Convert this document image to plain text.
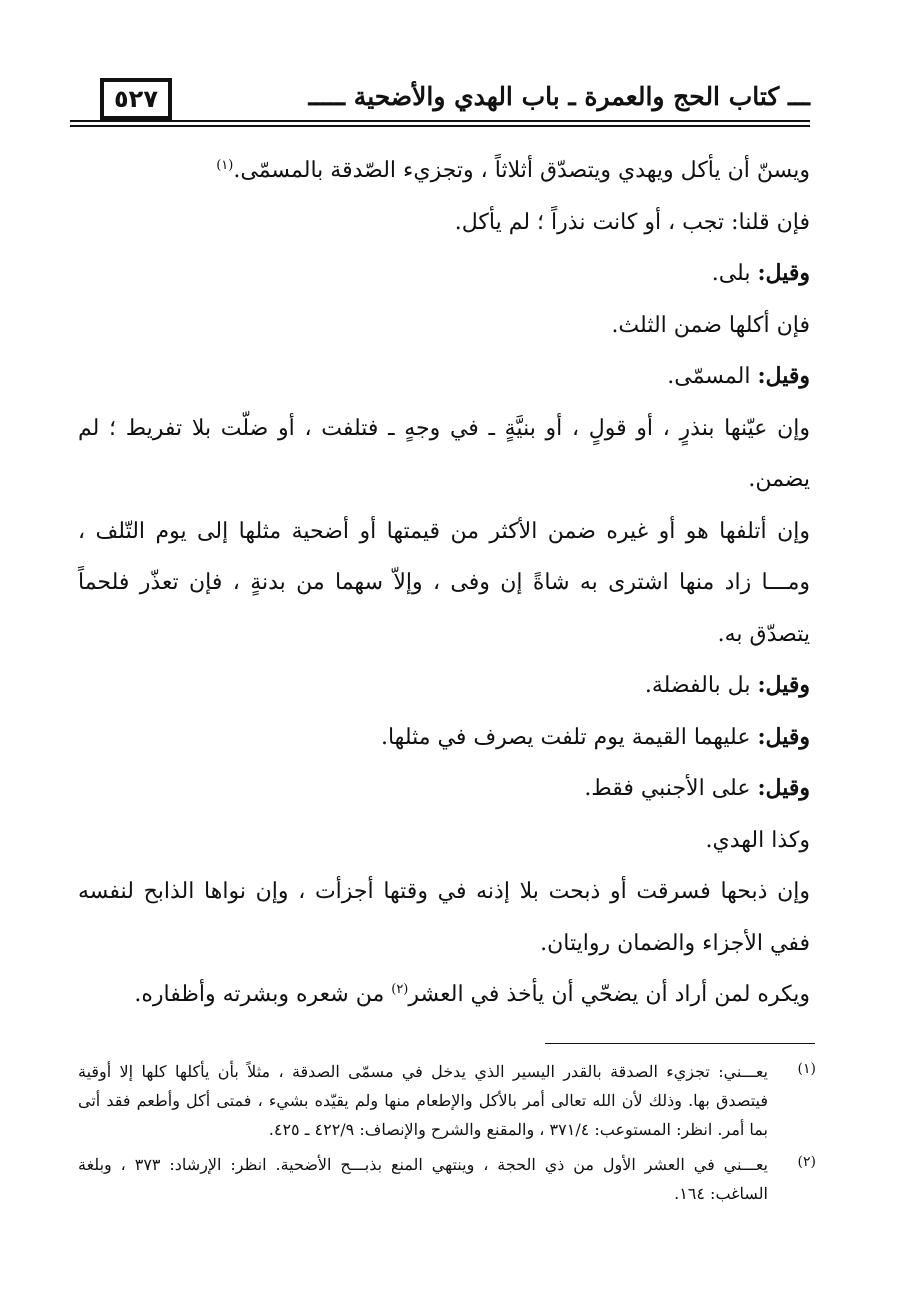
٥٢٧	ـــ كتاب الحج والعمرة ـ باب الهدي والأضحية ـــــ

ويسنّ أن يأكل ويهدي ويتصدّق أثلاثاً ، وتجزيء الصّدقة بالمسمّى.$^{(١)}$

فإن قلنا: تجب ، أو كانت نذراً ؛ لم يأكل.

وقيل: بلى.

فإن أكلها ضمن الثلث.

وقيل: المسمّى.

وإن عيّنها بنذرٍ ، أو قولٍ ، أو بنيَّةٍ ـ في وجهٍ ـ فتلفت ، أو ضلّت بلا تفريط ؛ لم يضمن.

وإن أتلفها هو أو غيره ضمن الأكثر من قيمتها أو أضحية مثلها إلى يوم التّلف ، ومـــا زاد منها اشترى به شاةً إن وفى ، وإلاّ سهما من بدنةٍ ، فإن تعذّر فلحماً يتصدّق به.

وقيل: بل بالفضلة.

وقيل: عليهما القيمة يوم تلفت يصرف في مثلها.

وقيل: على الأجنبي فقط.

وكذا الهدي.

وإن ذبحها فسرقت أو ذبحت بلا إذنه في وقتها أجزأت ، وإن نواها الذابح لنفسه ففي الأجزاء والضمان روايتان.

ويكره لمن أراد أن يضحّي أن يأخذ في العشر$^{(٢)}$ من شعره وبشرته وأظفاره.

(١)
يعـــني: تجزيء الصدقة بالقدر اليسير الذي يدخل في مسمّى الصدقة ، مثلاً بأن يأكلها كلها إلا أوقية فيتصدق بها. وذلك لأن الله تعالى أمر بالأكل والإطعام منها ولم يقيّده بشيء ، فمتى أكل وأطعم فقد أتى بما أمر. انظر: المستوعب: ٣٧١/٤ ، والمقنع والشرح والإنصاف: ٤٢٢/٩ ـ ٤٢٥.

(٢)
يعـــني في العشر الأول من ذي الحجة ، وينتهي المنع بذبـــح الأضحية. انظر: الإرشاد: ٣٧٣ ، وبلغة الساغب: ١٦٤.
